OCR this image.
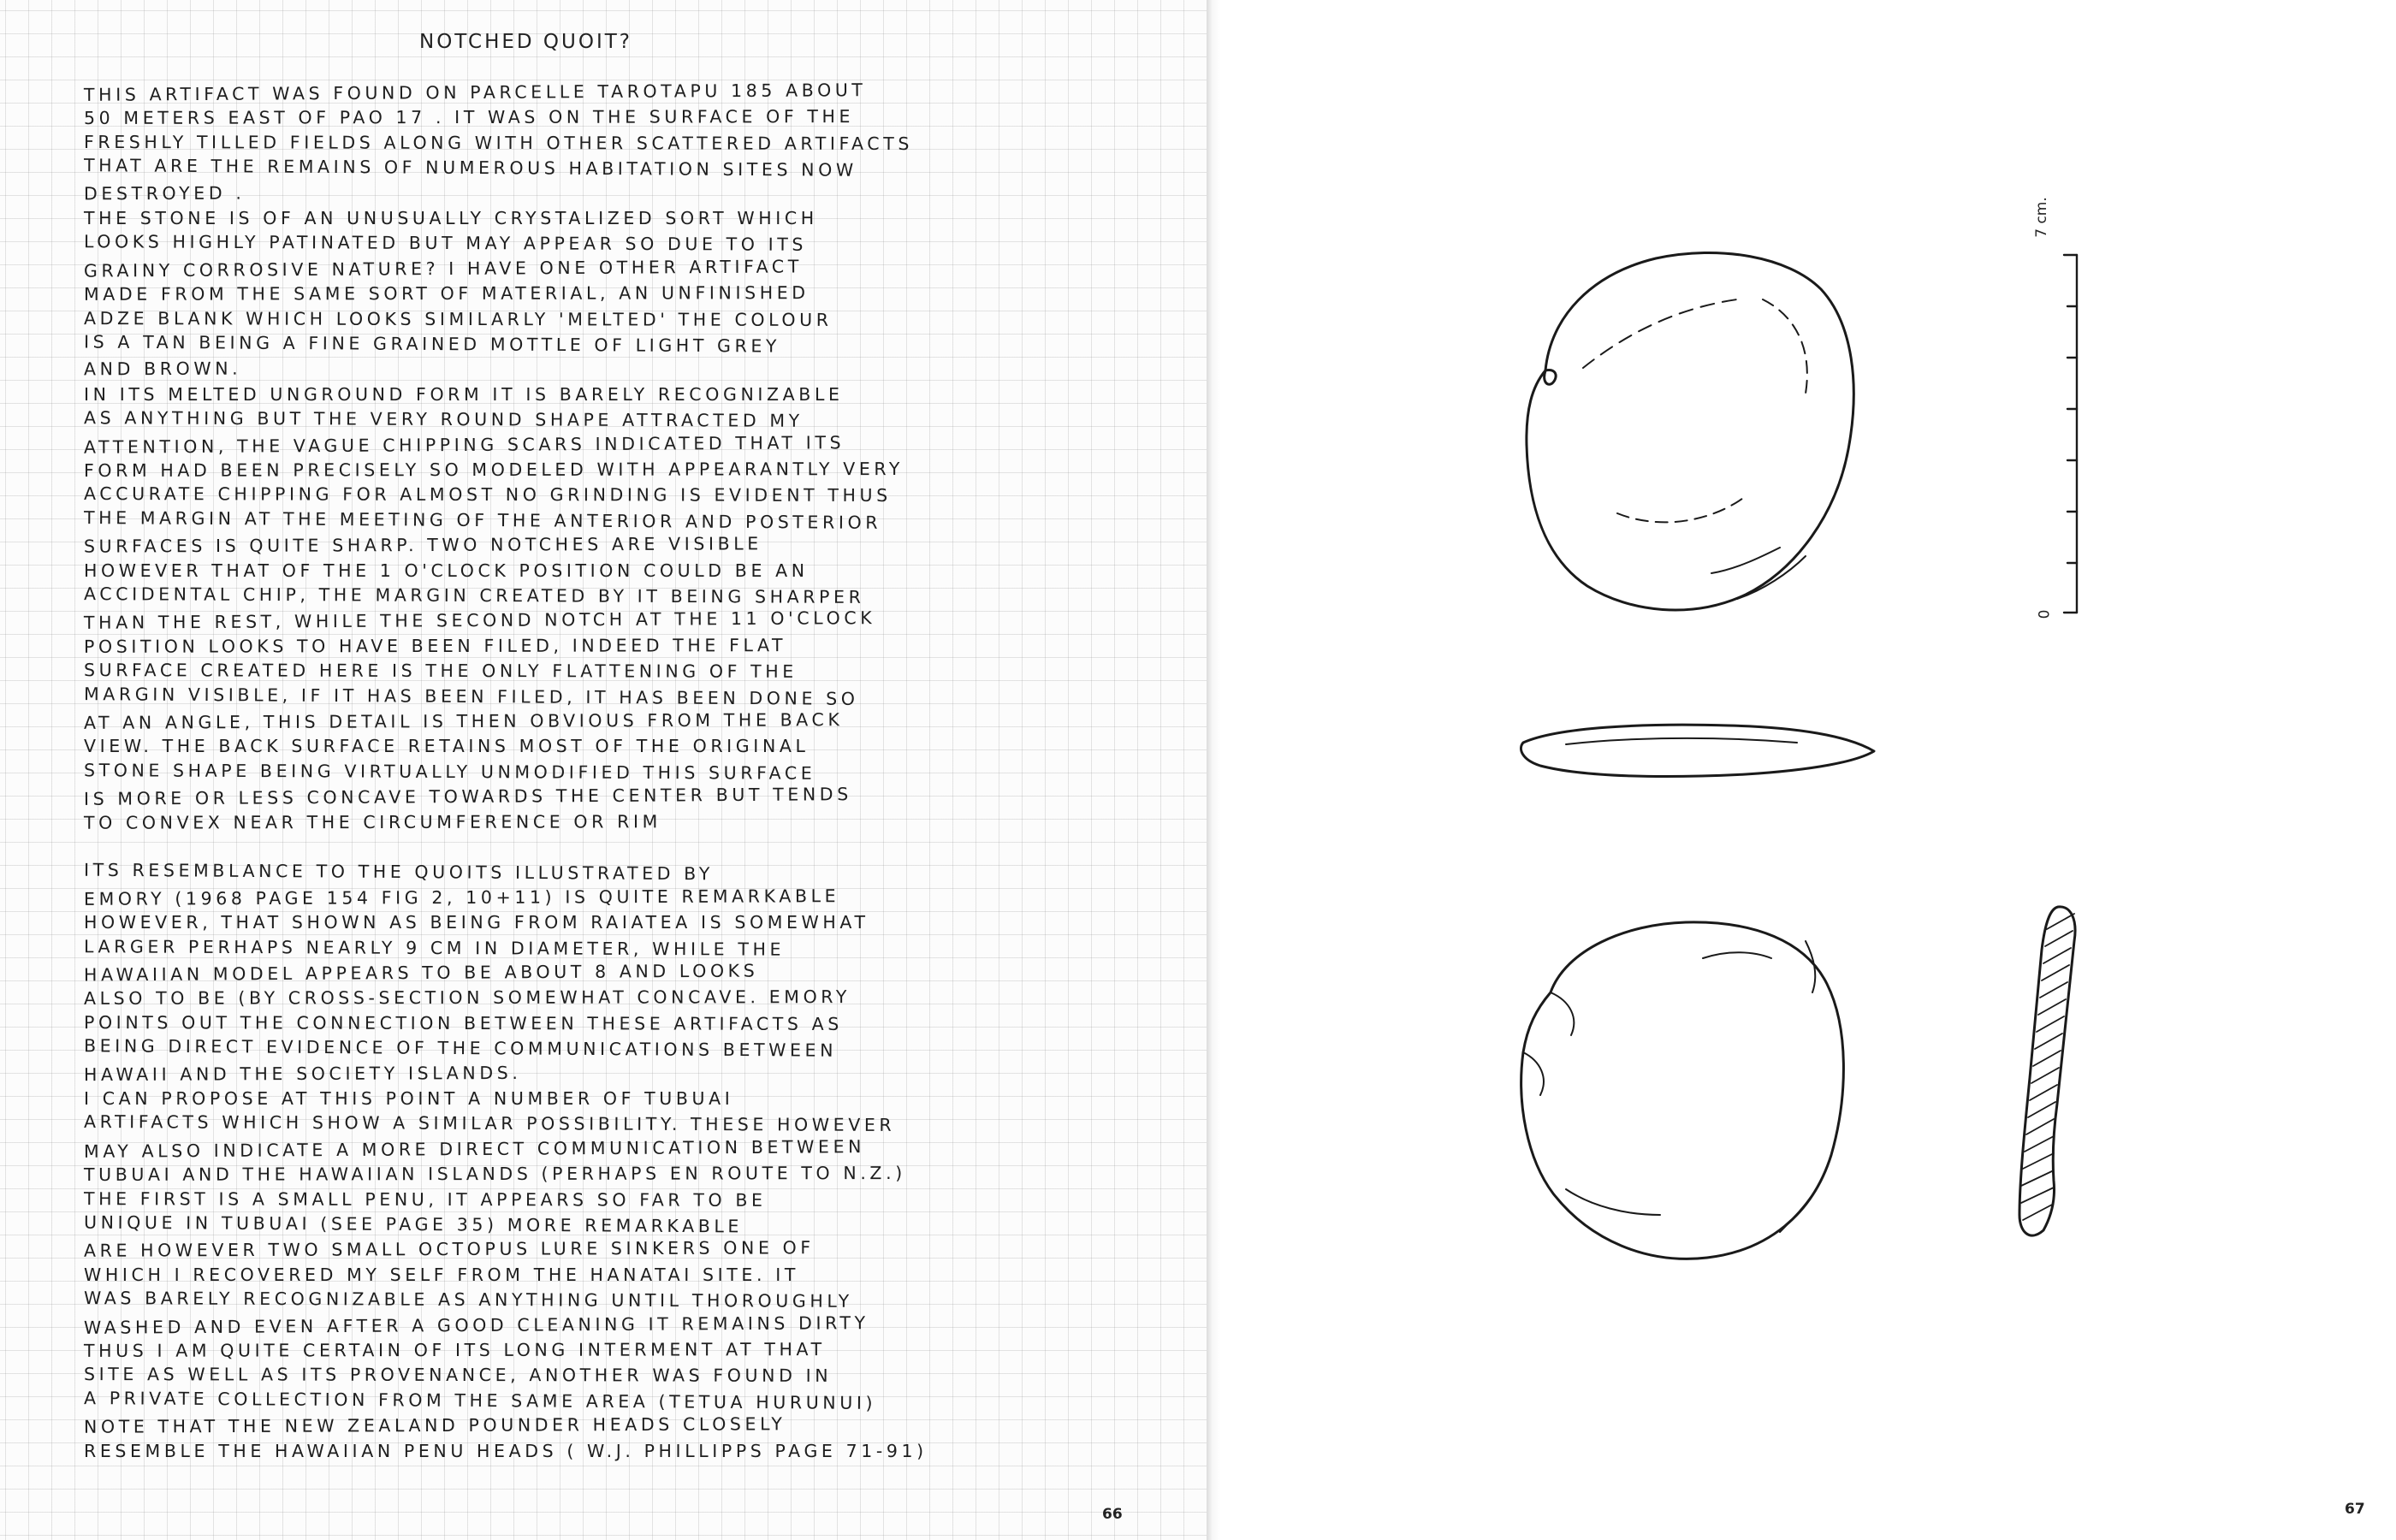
NOTCHED QUOIT?
THIS ARTIFACT WAS FOUND ON PARCELLE TAROTAPU 185 ABOUT
50 METERS EAST OF PAO 17 . IT WAS ON THE SURFACE OF THE
FRESHLY TILLED FIELDS ALONG WITH OTHER SCATTERED ARTIFACTS
THAT ARE THE REMAINS OF NUMEROUS HABITATION SITES NOW
DESTROYED .
THE STONE IS OF AN UNUSUALLY CRYSTALIZED SORT WHICH
LOOKS HIGHLY PATINATED BUT MAY APPEAR SO DUE TO ITS
GRAINY CORROSIVE NATURE? I HAVE ONE OTHER ARTIFACT
MADE FROM THE SAME SORT OF MATERIAL, AN UNFINISHED
ADZE BLANK WHICH LOOKS SIMILARLY 'MELTED' THE COLOUR
IS A TAN BEING A FINE GRAINED MOTTLE OF LIGHT GREY
AND BROWN.
IN ITS MELTED UNGROUND FORM IT IS BARELY RECOGNIZABLE
AS ANYTHING BUT THE VERY ROUND SHAPE ATTRACTED MY
ATTENTION, THE VAGUE CHIPPING SCARS INDICATED THAT ITS
FORM HAD BEEN PRECISELY SO MODELED WITH APPEARANTLY VERY
ACCURATE CHIPPING FOR ALMOST NO GRINDING IS EVIDENT THUS
THE MARGIN AT THE MEETING OF THE ANTERIOR AND POSTERIOR
SURFACES IS QUITE SHARP. TWO NOTCHES ARE VISIBLE
HOWEVER THAT OF THE 1 O'CLOCK POSITION COULD BE AN
ACCIDENTAL CHIP, THE MARGIN CREATED BY IT BEING SHARPER
THAN THE REST, WHILE THE SECOND NOTCH AT THE 11 O'CLOCK
POSITION LOOKS TO HAVE BEEN FILED, INDEED THE FLAT
SURFACE CREATED HERE IS THE ONLY FLATTENING OF THE
MARGIN VISIBLE, IF IT HAS BEEN FILED, IT HAS BEEN DONE SO
AT AN ANGLE, THIS DETAIL IS THEN OBVIOUS FROM THE BACK
VIEW. THE BACK SURFACE RETAINS MOST OF THE ORIGINAL
STONE SHAPE BEING VIRTUALLY UNMODIFIED THIS SURFACE
IS MORE OR LESS CONCAVE TOWARDS THE CENTER BUT TENDS
TO CONVEX NEAR THE CIRCUMFERENCE OR RIM
ITS RESEMBLANCE TO THE QUOITS ILLUSTRATED BY
EMORY (1968 PAGE 154 FIG 2, 10+11) IS QUITE REMARKABLE
HOWEVER, THAT SHOWN AS BEING FROM RAIATEA IS SOMEWHAT
LARGER PERHAPS NEARLY 9 CM IN DIAMETER, WHILE THE
HAWAIIAN MODEL APPEARS TO BE ABOUT 8 AND LOOKS
ALSO TO BE (BY CROSS-SECTION SOMEWHAT CONCAVE. EMORY
POINTS OUT THE CONNECTION BETWEEN THESE ARTIFACTS AS
BEING DIRECT EVIDENCE OF THE COMMUNICATIONS BETWEEN
HAWAII AND THE SOCIETY ISLANDS.
I CAN PROPOSE AT THIS POINT A NUMBER OF TUBUAI
ARTIFACTS WHICH SHOW A SIMILAR POSSIBILITY. THESE HOWEVER
MAY ALSO INDICATE A MORE DIRECT COMMUNICATION BETWEEN
TUBUAI AND THE HAWAIIAN ISLANDS (PERHAPS EN ROUTE TO N.Z.)
THE FIRST IS A SMALL PENU, IT APPEARS SO FAR TO BE
UNIQUE IN TUBUAI (SEE PAGE 35) MORE REMARKABLE
ARE HOWEVER TWO SMALL OCTOPUS LURE SINKERS ONE OF
WHICH I RECOVERED MY SELF FROM THE HANATAI SITE. IT
WAS BARELY RECOGNIZABLE AS ANYTHING UNTIL THOROUGHLY
WASHED AND EVEN AFTER A GOOD CLEANING IT REMAINS DIRTY
THUS I AM QUITE CERTAIN OF ITS LONG INTERMENT AT THAT
SITE AS WELL AS ITS PROVENANCE, ANOTHER WAS FOUND IN
A PRIVATE COLLECTION FROM THE SAME AREA (TETUA HURUNUI)
NOTE THAT THE NEW ZEALAND POUNDER HEADS CLOSELY
RESEMBLE THE HAWAIIAN PENU HEADS ( W.J. PHILLIPPS PAGE 71-91)
66	67
7 cm.
0
